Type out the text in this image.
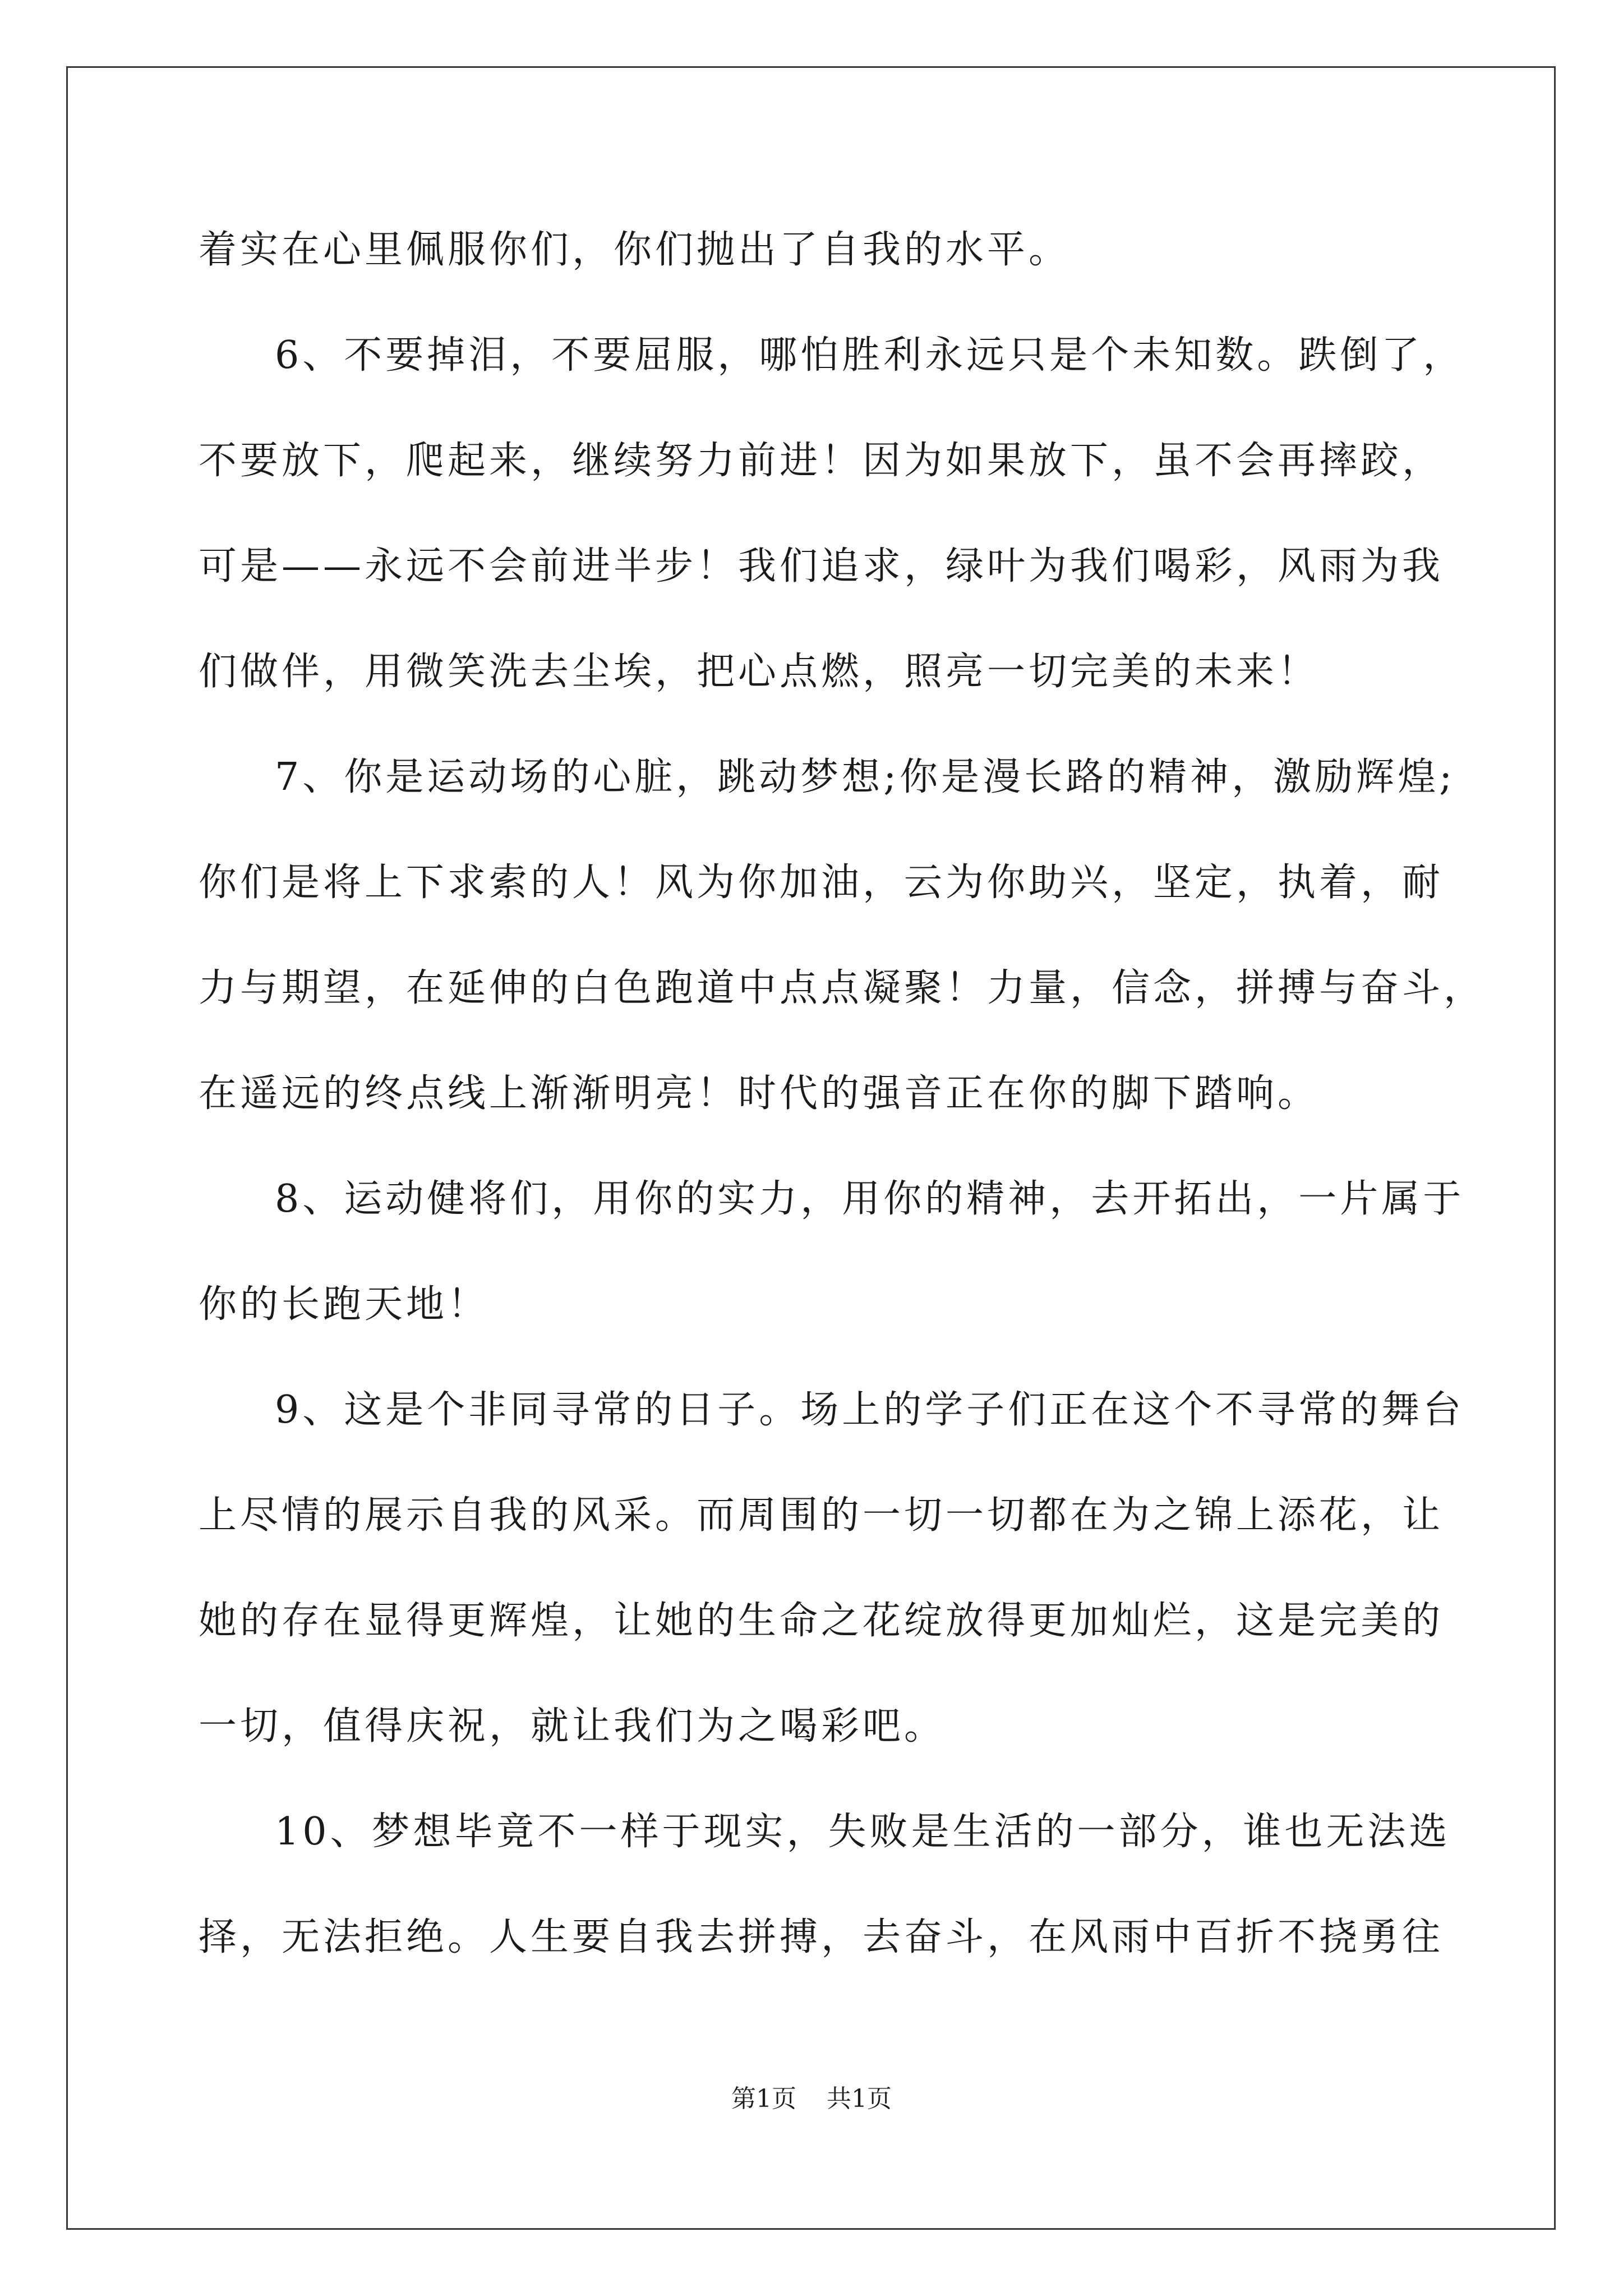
着实在心里佩服你们，你们抛出了自我的水平。
6、不要掉泪，不要屈服，哪怕胜利永远只是个未知数。跌倒了，
不要放下，爬起来，继续努力前进！因为如果放下，虽不会再摔跤，
可是——永远不会前进半步！我们追求，绿叶为我们喝彩，风雨为我
们做伴，用微笑洗去尘埃，把心点燃，照亮一切完美的未来！
7、你是运动场的心脏，跳动梦想;你是漫长路的精神，激励辉煌;
你们是将上下求索的人！风为你加油，云为你助兴，坚定，执着，耐
力与期望，在延伸的白色跑道中点点凝聚！力量，信念，拼搏与奋斗，
在遥远的终点线上渐渐明亮！时代的强音正在你的脚下踏响。
8、运动健将们，用你的实力，用你的精神，去开拓出，一片属于
你的长跑天地！
9、这是个非同寻常的日子。场上的学子们正在这个不寻常的舞台
上尽情的展示自我的风采。而周围的一切一切都在为之锦上添花，让
她的存在显得更辉煌，让她的生命之花绽放得更加灿烂，这是完美的
一切，值得庆祝，就让我们为之喝彩吧。
10、梦想毕竟不一样于现实，失败是生活的一部分，谁也无法选
择，无法拒绝。人生要自我去拼搏，去奋斗，在风雨中百折不挠勇往
第1页 共1页
